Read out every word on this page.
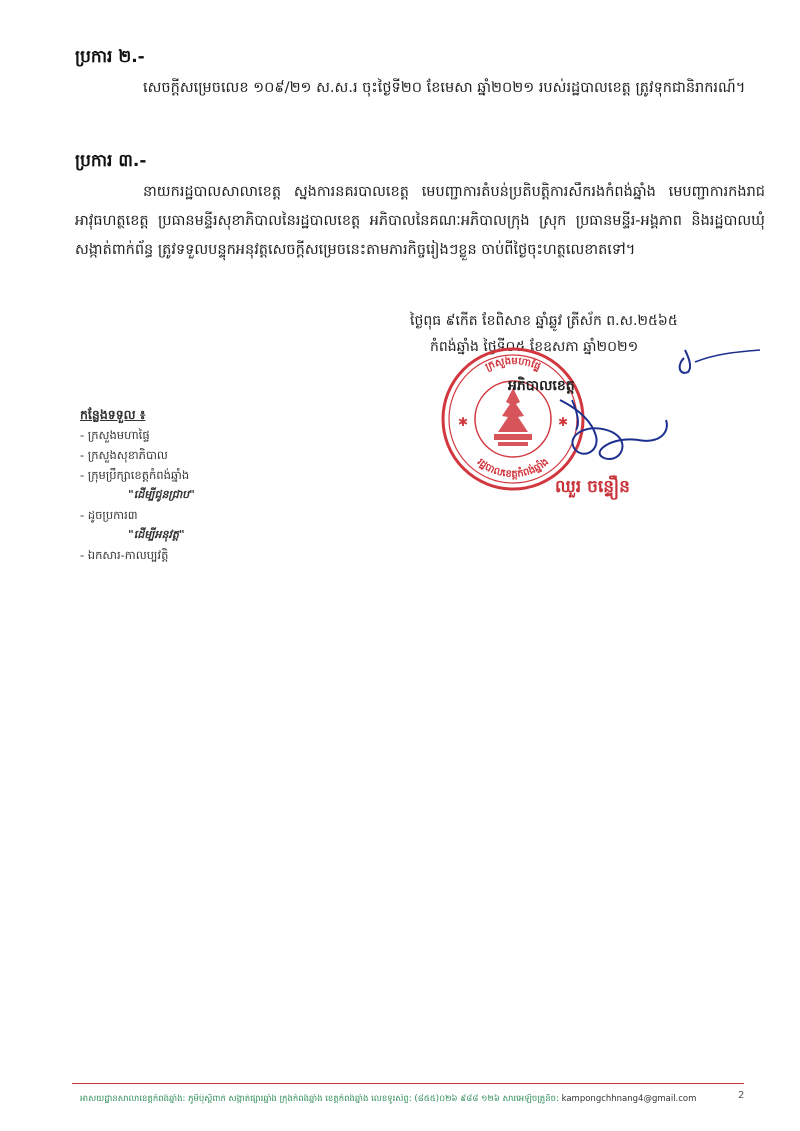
ប្រការ ២.-
សេចក្តីសម្រេចលេខ ១០៩/២១ ស.ស.រ ចុះថ្ងៃទី២០ ខែមេសា ឆ្នាំ២០២១ របស់រដ្ឋបាលខេត្ត ត្រូវទុកជានិរាករណ៍។
ប្រការ ៣.-
នាយករដ្ឋបាលសាលាខេត្ត ស្នងការនគរបាលខេត្ត មេបញ្ជាការតំបន់ប្រតិបត្តិការសឹករងកំពង់ឆ្នាំង មេបញ្ជាការកងរាជអាវុធហត្ថខេត្ត ប្រធានមន្ទីរសុខាភិបាលនៃរដ្ឋបាលខេត្ត អភិបាលនៃគណៈអភិបាលក្រុង ស្រុក ប្រធានមន្ទីរ-អង្គភាព និងរដ្ឋបាលឃុំ សង្កាត់ពាក់ព័ន្ធ ត្រូវទទួលបន្ទុកអនុវត្តសេចក្តីសម្រេចនេះតាមភារកិច្ចរៀងៗខ្លួន ចាប់ពីថ្ងៃចុះហត្ថលេខាតទៅ។
ថ្ងៃពុធ ៩កើត ខែពិសាខ ឆ្នាំឆ្លូវ ត្រីស័ក ព.ស.២៥៦៥
កំពង់ឆ្នាំង ថ្ងៃទី០៥ ខែឧសភា ឆ្នាំ២០២១
ក្រសួងមហាផ្ទៃ
រដ្ឋបាលខេត្តកំពង់ឆ្នាំង
✱	✱
អភិបាលខេត្ត
ឈួរ ចន្ទឿន
កន្លែងទទួល ៖
- ក្រសួងមហាផ្ទៃ
- ក្រសួងសុខាភិបាល
- ក្រុមប្រឹក្សាខេត្តកំពង់ឆ្នាំង
"ដើម្បីជូនជ្រាប"
- ដូចប្រការ៣
"ដើម្បីអនុវត្ត"
- ឯកសារ-កាលប្បវត្តិ
អាសយដ្ឋានសាលាខេត្តកំពង់ឆ្នាំង: ភូមិប៉ុស្តិ៍ពាក់ សង្កាត់ផ្សារឆ្នាំង ក្រុងកំពង់ឆ្នាំង ខេត្តកំពង់ឆ្នាំង លេខទូរស័ព្ទ: (៨៥៥)០២៦ ៩៨៨ ១២៦ សារអេឡិចត្រូនិច: kampongchhnang4@gmail.com	2
